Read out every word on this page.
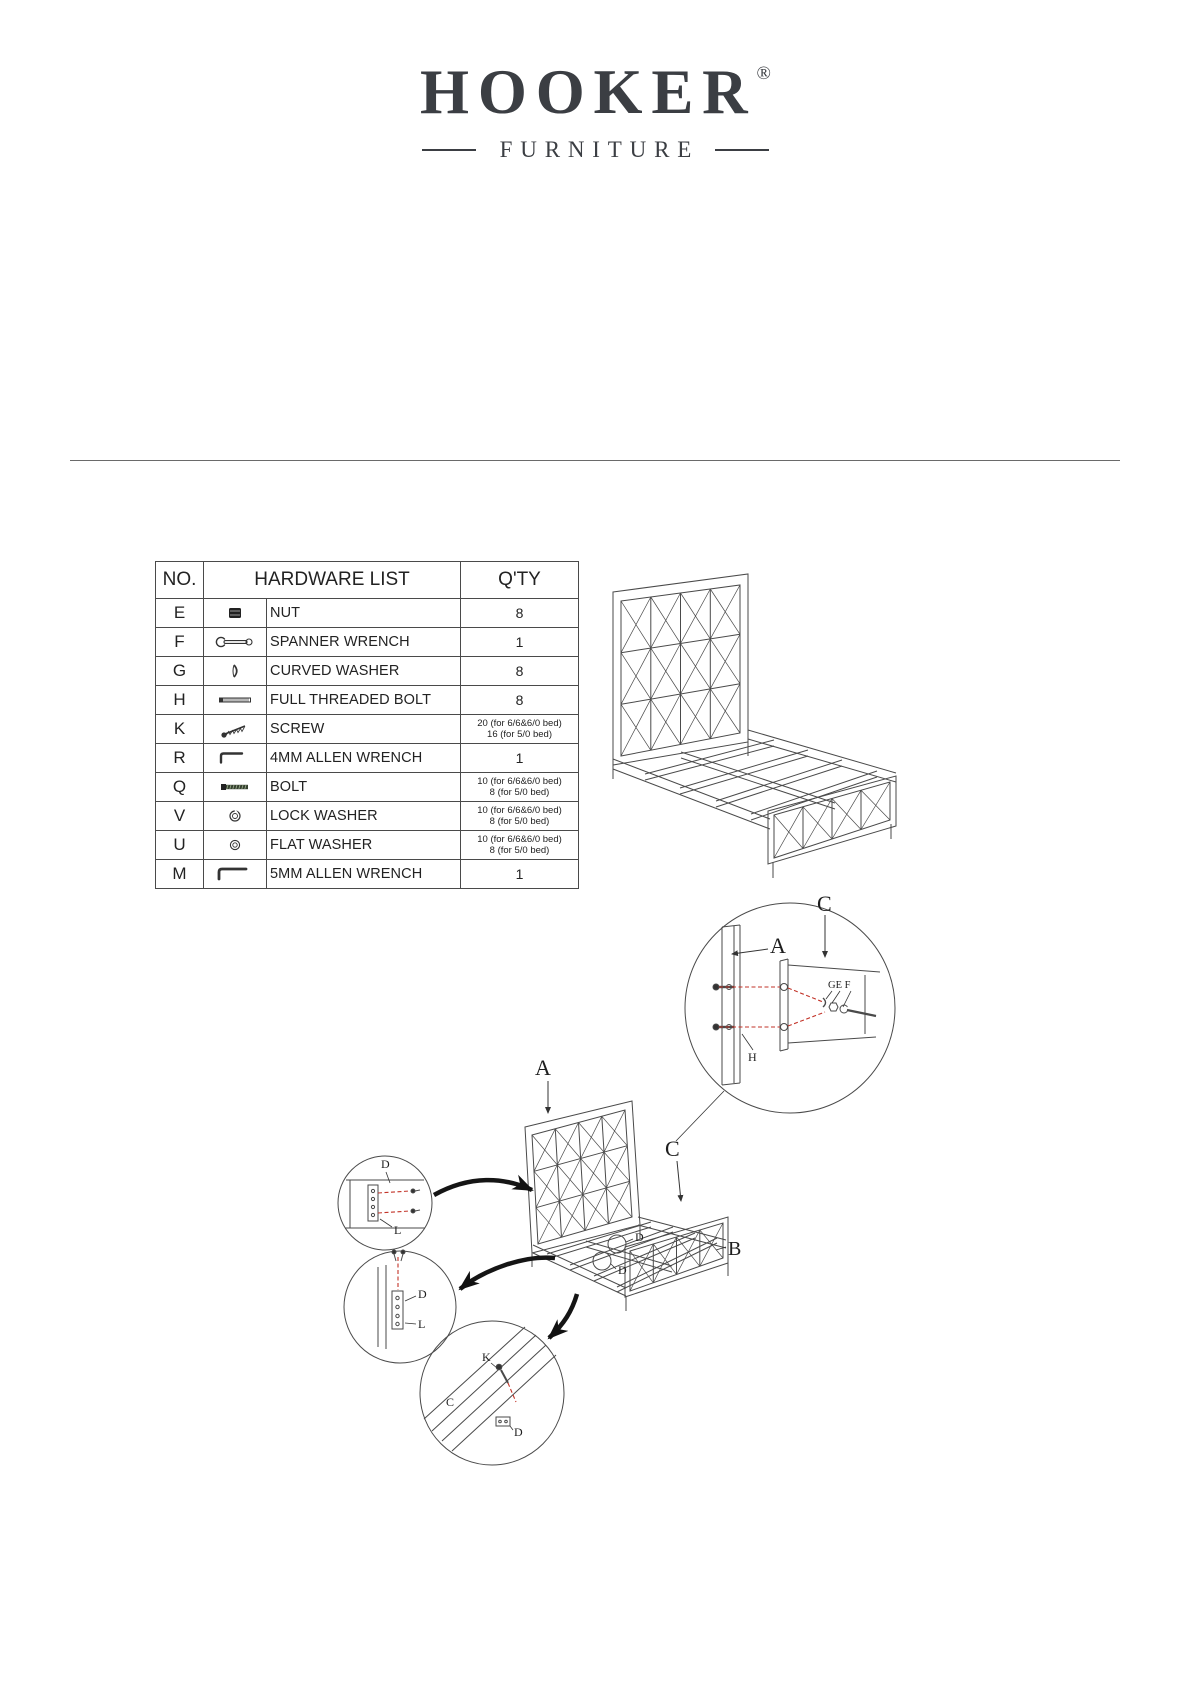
HOOKER®
FURNITURE
NO.	HARDWARE LIST		Q'TY
E		NUT	8
F		SPANNER WRENCH	1
G		CURVED WASHER	8
H		FULL THREADED BOLT	8
K		SCREW	20 (for 6/6&6/0 bed)
16 (for 5/0 bed)

R		4MM ALLEN WRENCH	1
Q		BOLT	10 (for 6/6&6/0 bed)
8 (for 5/0 bed)

V		LOCK WASHER	10 (for 6/6&6/0 bed)
8 (for 5/0 bed)

U		FLAT WASHER	10 (for 6/6&6/0 bed)
8 (for 5/0 bed)

M		5MM ALLEN WRENCH	1
A
C
GE F
H
A
C
B
D
D
D
L
D
L
K
C
D
